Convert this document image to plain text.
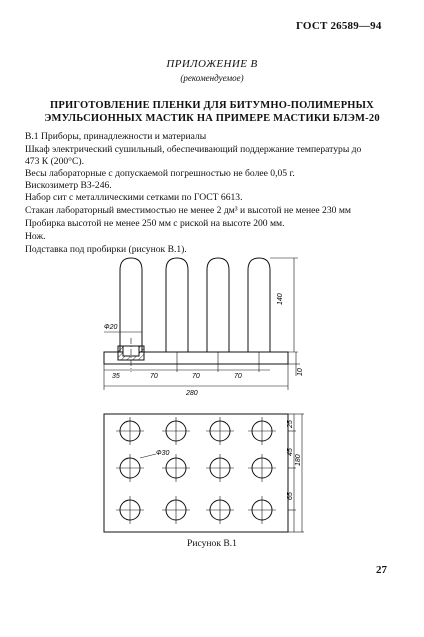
ГОСТ 26589—94
ПРИЛОЖЕНИЕ В
(рекомендуемое)
ПРИГОТОВЛЕНИЕ ПЛЕНКИ ДЛЯ БИТУМНО-ПОЛИМЕРНЫХ
ЭМУЛЬСИОННЫХ МАСТИК НА ПРИМЕРЕ МАСТИКИ БЛЭМ-20
В.1 Приборы, принадлежности и материалы
Шкаф электрический сушильный, обеспечивающий поддержание температуры до
473 К (200°С).
Весы лабораторные с допускаемой погрешностью не более 0,05 г.
Вискозиметр ВЗ-246.
Набор сит с металлическими сетками по ГОСТ 6613.
Стакан лабораторный вместимостью не менее 2 дм³ и высотой не менее 230 мм
Пробирка высотой не менее 250 мм с риской на высоте 200 мм.
Нож.
Подставка под пробирки (рисунок В.1).
Ф20
140
10
35	70	70	70
280
Ф30
25
45
180
65
Рисунок В.1
27
